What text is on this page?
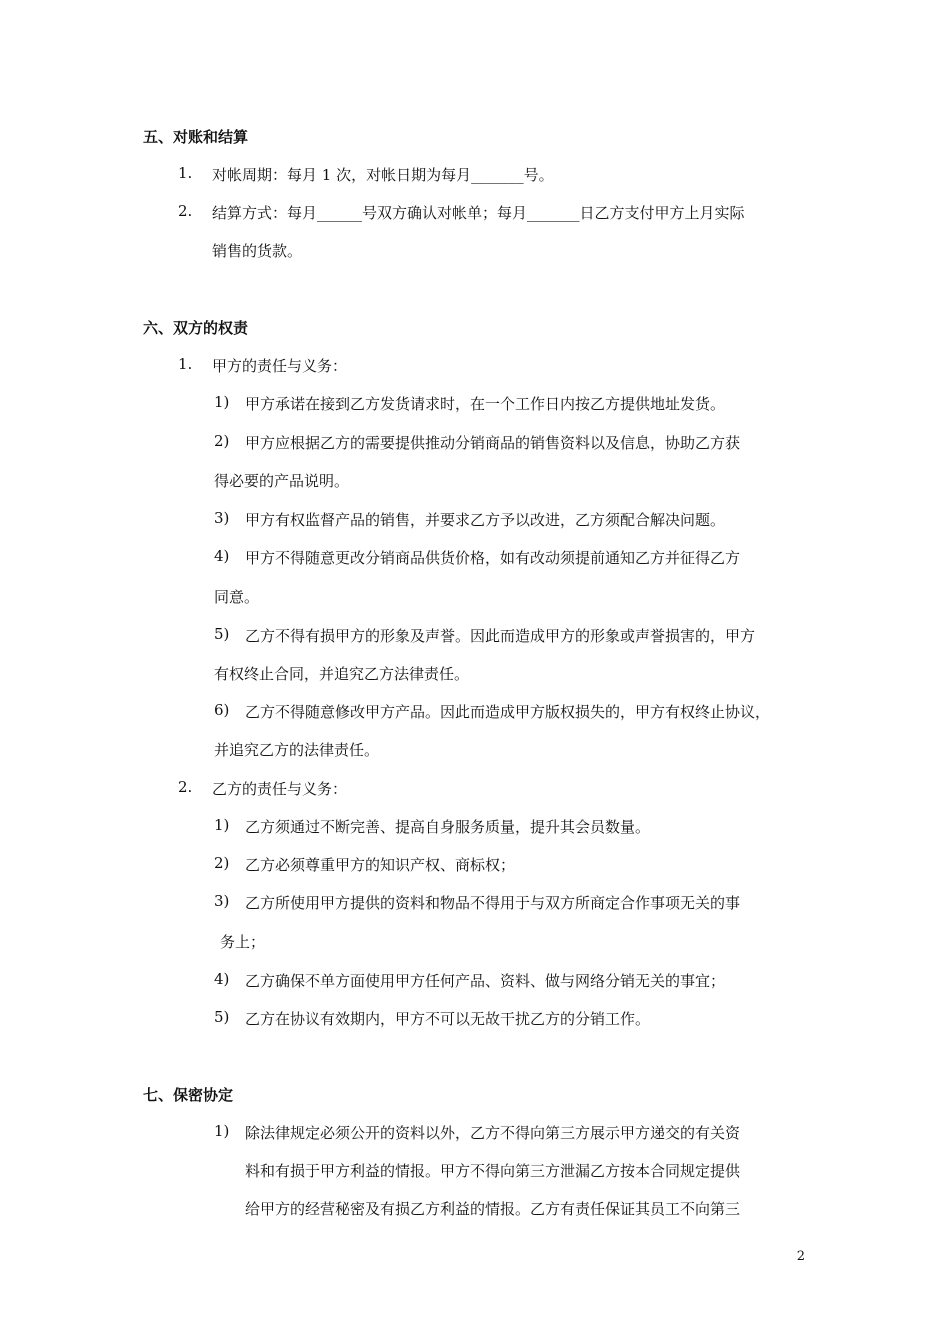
五、对账和结算
1. 对帐周期：每月 1 次，对帐日期为每月_______号。
2. 结算方式：每月______号双方确认对帐单；每月_______日乙方支付甲方上月实际
销售的货款。
六、双方的权责
1. 甲方的责任与义务：
1) 甲方承诺在接到乙方发货请求时，在一个工作日内按乙方提供地址发货。
2) 甲方应根据乙方的需要提供推动分销商品的销售资料以及信息，协助乙方获
得必要的产品说明。
3) 甲方有权监督产品的销售，并要求乙方予以改进，乙方须配合解决问题。
4) 甲方不得随意更改分销商品供货价格，如有改动须提前通知乙方并征得乙方
同意。
5) 乙方不得有损甲方的形象及声誉。因此而造成甲方的形象或声誉损害的，甲方
有权终止合同，并追究乙方法律责任。
6) 乙方不得随意修改甲方产品。因此而造成甲方版权损失的，甲方有权终止协议，
并追究乙方的法律责任。
2. 乙方的责任与义务：
1) 乙方须通过不断完善、提高自身服务质量，提升其会员数量。
2) 乙方必须尊重甲方的知识产权、商标权；
3) 乙方所使用甲方提供的资料和物品不得用于与双方所商定合作事项无关的事
务上；
4) 乙方确保不单方面使用甲方任何产品、资料、做与网络分销无关的事宜；
5) 乙方在协议有效期内，甲方不可以无故干扰乙方的分销工作。
七、保密协定
1) 除法律规定必须公开的资料以外，乙方不得向第三方展示甲方递交的有关资
料和有损于甲方利益的情报。甲方不得向第三方泄漏乙方按本合同规定提供
给甲方的经营秘密及有损乙方利益的情报。乙方有责任保证其员工不向第三
2
